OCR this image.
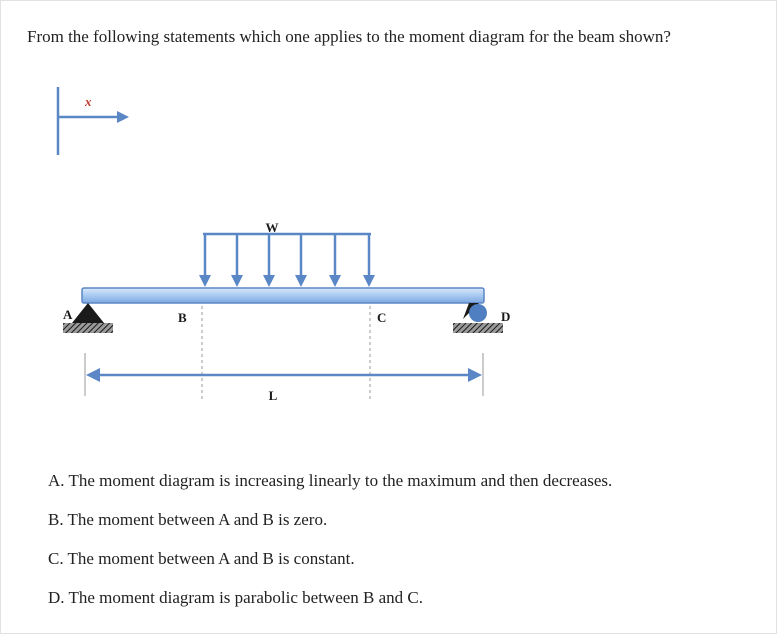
From the following statements which one applies to the moment diagram for the beam shown?
x
W
A	B	C	D
L
A. The moment diagram is increasing linearly to the maximum and then decreases.
B. The moment between A and B is zero.
C. The moment between A and B is constant.
D. The moment diagram is parabolic between B and C.
